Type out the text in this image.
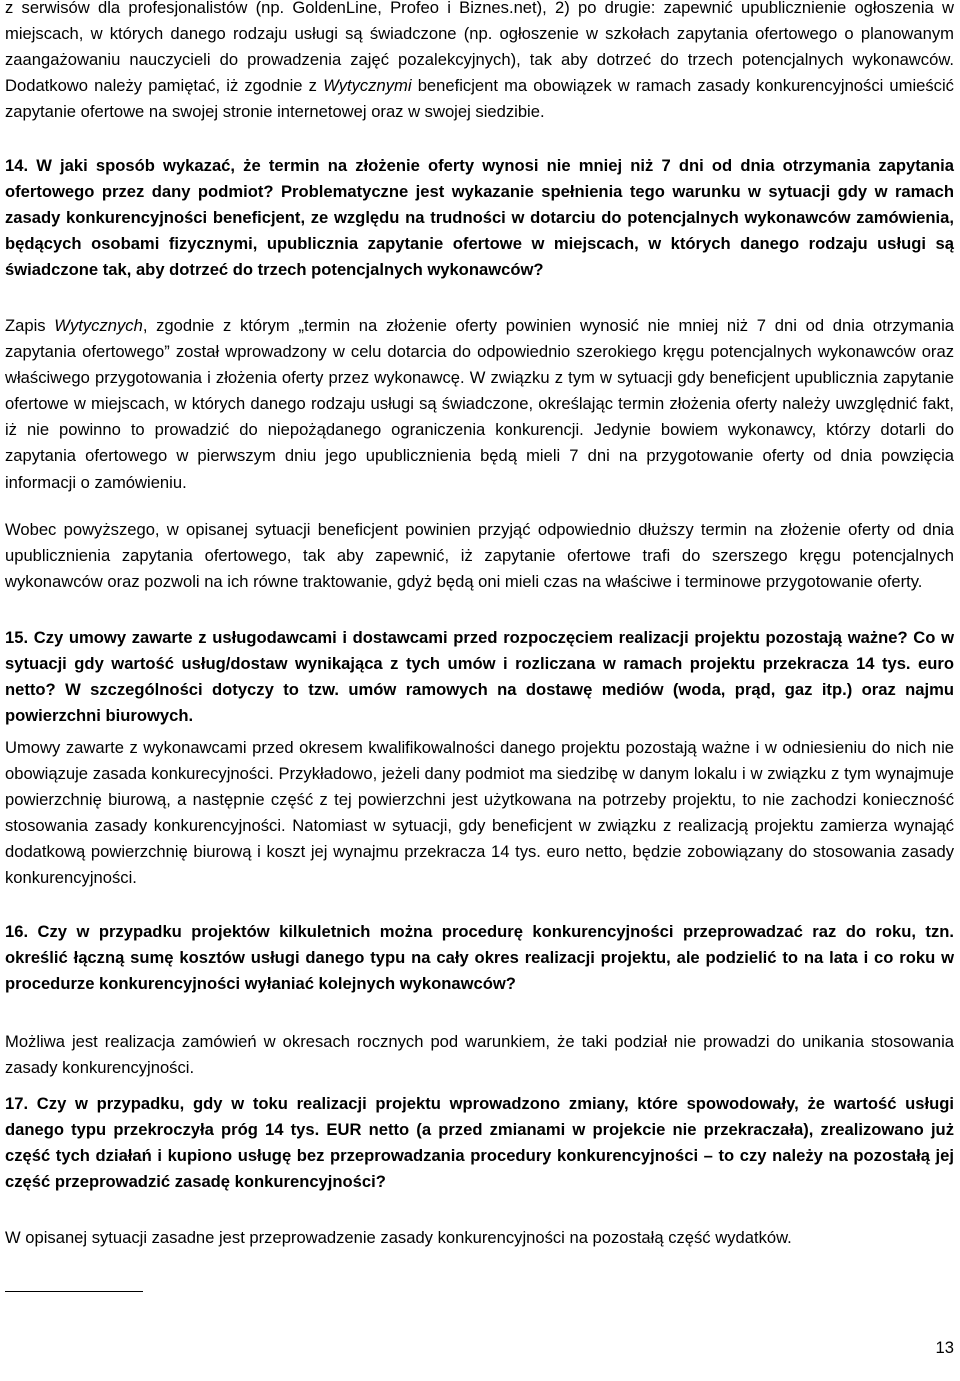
z serwisów dla profesjonalistów (np. GoldenLine, Profeo i Biznes.net), 2) po drugie: zapewnić upublicznienie ogłoszenia w miejscach, w których danego rodzaju usługi są świadczone (np. ogłoszenie w szkołach zapytania ofertowego o planowanym zaangażowaniu nauczycieli do prowadzenia zajęć pozalekcyjnych), tak aby dotrzeć do trzech potencjalnych wykonawców. Dodatkowo należy pamiętać, iż zgodnie z Wytycznymi beneficjent ma obowiązek w ramach zasady konkurencyjności umieścić zapytanie ofertowe na swojej stronie internetowej oraz w swojej siedzibie.

14. W jaki sposób wykazać, że termin na złożenie oferty wynosi nie mniej niż 7 dni od dnia otrzymania zapytania ofertowego przez dany podmiot? Problematyczne jest wykazanie spełnienia tego warunku w sytuacji gdy w ramach zasady konkurencyjności beneficjent, ze względu na trudności w dotarciu do potencjalnych wykonawców zamówienia, będących osobami fizycznymi, upublicznia zapytanie ofertowe w miejscach, w których danego rodzaju usługi są świadczone tak, aby dotrzeć do trzech potencjalnych wykonawców?

Zapis Wytycznych, zgodnie z którym „termin na złożenie oferty powinien wynosić nie mniej niż 7 dni od dnia otrzymania zapytania ofertowego” został wprowadzony w celu dotarcia do odpowiednio szerokiego kręgu potencjalnych wykonawców oraz właściwego przygotowania i złożenia oferty przez wykonawcę. W związku z tym w sytuacji gdy beneficjent upublicznia zapytanie ofertowe w miejscach, w których danego rodzaju usługi są świadczone, określając termin złożenia oferty należy uwzględnić fakt, iż nie powinno to prowadzić do niepożądanego ograniczenia konkurencji. Jedynie bowiem wykonawcy, którzy dotarli do zapytania ofertowego w pierwszym dniu jego upublicznienia będą mieli 7 dni na przygotowanie oferty od dnia powzięcia informacji o zamówieniu.

Wobec powyższego, w opisanej sytuacji beneficjent powinien przyjąć odpowiednio dłuższy termin na złożenie oferty od dnia upublicznienia zapytania ofertowego, tak aby zapewnić, iż zapytanie ofertowe trafi do szerszego kręgu potencjalnych wykonawców oraz pozwoli na ich równe traktowanie, gdyż będą oni mieli czas na właściwe i terminowe przygotowanie oferty.

15. Czy umowy zawarte z usługodawcami i dostawcami przed rozpoczęciem realizacji projektu pozostają ważne? Co w sytuacji gdy wartość usług/dostaw wynikająca z tych umów i rozliczana w ramach projektu przekracza 14 tys. euro netto? W szczególności dotyczy to tzw. umów ramowych na dostawę mediów (woda, prąd, gaz itp.) oraz najmu powierzchni biurowych.

Umowy zawarte z wykonawcami przed okresem kwalifikowalności danego projektu pozostają ważne i w odniesieniu do nich nie obowiązuje zasada konkurecyjności. Przykładowo, jeżeli dany podmiot ma siedzibę w danym lokalu i w związku z tym wynajmuje powierzchnię biurową, a następnie część z tej powierzchni jest użytkowana na potrzeby projektu, to nie zachodzi konieczność stosowania zasady konkurencyjności. Natomiast w sytuacji, gdy beneficjent w związku z realizacją projektu zamierza wynająć dodatkową powierzchnię biurową i koszt jej wynajmu przekracza 14 tys. euro netto, będzie zobowiązany do stosowania zasady konkurencyjności.

16. Czy w przypadku projektów kilkuletnich można procedurę konkurencyjności przeprowadzać raz do roku, tzn. określić łączną sumę kosztów usługi danego typu na cały okres realizacji projektu, ale podzielić to na lata i co roku w procedurze konkurencyjności wyłaniać kolejnych wykonawców?

Możliwa jest realizacja zamówień w okresach rocznych pod warunkiem, że taki podział nie prowadzi do unikania stosowania zasady konkurencyjności.

17. Czy w przypadku, gdy w toku realizacji projektu wprowadzono zmiany, które spowodowały, że wartość usługi danego typu przekroczyła próg 14 tys. EUR netto (a przed zmianami w projekcie nie przekraczała), zrealizowano już część tych działań i kupiono usługę bez przeprowadzania procedury konkurencyjności – to czy należy na pozostałą jej część przeprowadzić zasadę konkurencyjności?

W opisanej sytuacji zasadne jest przeprowadzenie zasady konkurencyjności na pozostałą część wydatków.

13
